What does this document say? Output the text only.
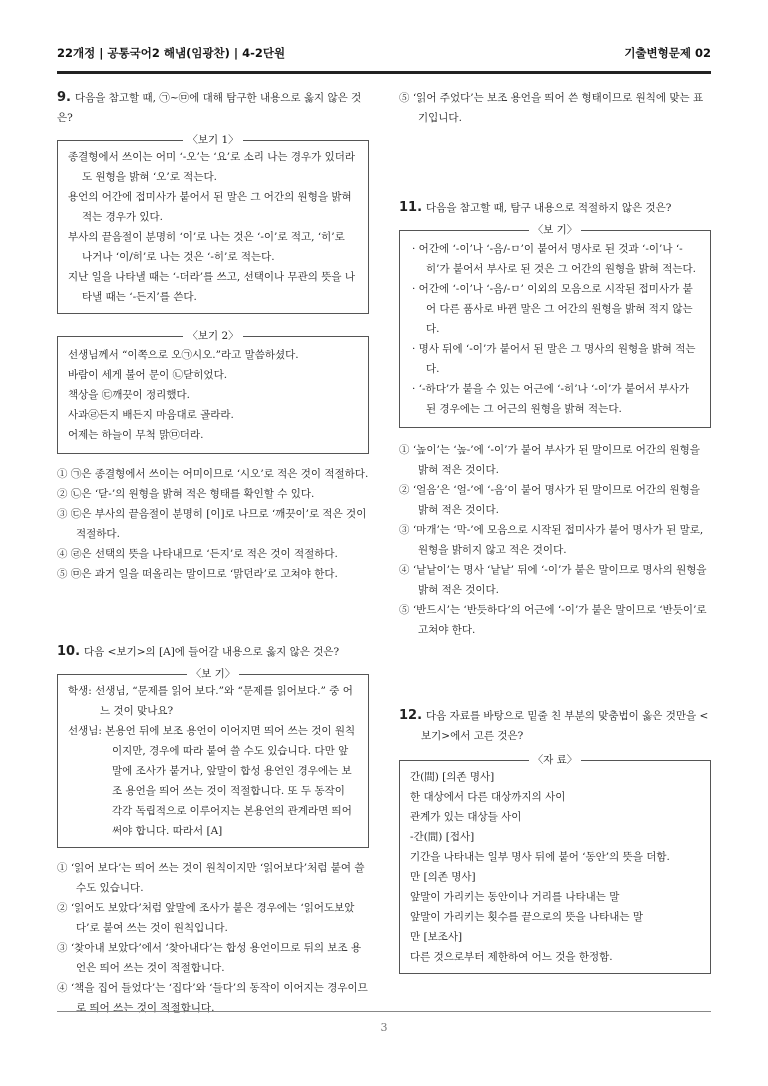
22개정 | 공통국어2 해냄(임광찬) | 4-2단원	기출변형문제 02

9. 다음을 참고할 때, ㉠~㉤에 대해 탐구한 내용으로 옳지 않은 것은?

〈보기 1〉

종결형에서 쓰이는 어미 ‘-오’는 ‘요’로 소리 나는 경우가 있더라도 원형을 밝혀 ‘오’로 적는다.

용언의 어간에 접미사가 붙어서 된 말은 그 어간의 원형을 밝혀 적는 경우가 있다.

부사의 끝음절이 분명히 ‘이’로 나는 것은 ‘-이’로 적고, ‘히’로 나거나 ‘이/히’로 나는 것은 ‘-히’로 적는다.

지난 일을 나타낼 때는 ‘-더라’를 쓰고, 선택이나 무관의 뜻을 나타낼 때는 ‘-든지’를 쓴다.

〈보기 2〉

선생님께서 “이쪽으로 오㉠시오.”라고 말씀하셨다.

바람이 세게 불어 문이 ㉡닫히었다.

책상을 ㉢깨끗이 정리했다.

사과㉣든지 배든지 마음대로 골라라.

어제는 하늘이 무척 맑㉤더라.

① ㉠은 종결형에서 쓰이는 어미이므로 ‘시오’로 적은 것이 적절하다.

② ㉡은 ‘닫-’의 원형을 밝혀 적은 형태를 확인할 수 있다.

③ ㉢은 부사의 끝음절이 분명히 [이]로 나므로 ‘깨끗이’로 적은 것이 적절하다.

④ ㉣은 선택의 뜻을 나타내므로 ‘든지’로 적은 것이 적절하다.

⑤ ㉤은 과거 일을 떠올리는 말이므로 ‘맑던라’로 고쳐야 한다.

10. 다음 <보기>의 [A]에 들어갈 내용으로 옳지 않은 것은?

〈보 기〉

학생: 선생님, “문제를 읽어 보다.”와 “문제를 읽어보다.” 중 어느 것이 맞나요?

선생님: 본용언 뒤에 보조 용언이 이어지면 띄어 쓰는 것이 원칙이지만, 경우에 따라 붙여 쓸 수도 있습니다. 다만 앞말에 조사가 붙거나, 앞말이 합성 용언인 경우에는 보조 용언을 띄어 쓰는 것이 적절합니다. 또 두 동작이 각각 독립적으로 이루어지는 본용언의 관계라면 띄어 써야 합니다. 따라서 [A]

① ‘읽어 보다’는 띄어 쓰는 것이 원칙이지만 ‘읽어보다’처럼 붙여 쓸 수도 있습니다.

② ‘읽어도 보았다’처럼 앞말에 조사가 붙은 경우에는 ‘읽어도보았다’로 붙여 쓰는 것이 원칙입니다.

③ ‘찾아내 보았다’에서 ‘찾아내다’는 합성 용언이므로 뒤의 보조 용언은 띄어 쓰는 것이 적절합니다.

④ ‘책을 집어 들었다’는 ‘집다’와 ‘들다’의 동작이 이어지는 경우이므로 띄어 쓰는 것이 적절합니다.

⑤ ‘읽어 주었다’는 보조 용언을 띄어 쓴 형태이므로 원칙에 맞는 표기입니다.

11. 다음을 참고할 때, 탐구 내용으로 적절하지 않은 것은?

〈보 기〉

· 어간에 ‘-이’나 ‘-음/-ㅁ’이 붙어서 명사로 된 것과 ‘-이’나 ‘-히’가 붙어서 부사로 된 것은 그 어간의 원형을 밝혀 적는다.

· 어간에 ‘-이’나 ‘-음/-ㅁ’ 이외의 모음으로 시작된 접미사가 붙어 다른 품사로 바뀐 말은 그 어간의 원형을 밝혀 적지 않는다.

· 명사 뒤에 ‘-이’가 붙어서 된 말은 그 명사의 원형을 밝혀 적는다.

· ‘-하다’가 붙을 수 있는 어근에 ‘-히’나 ‘-이’가 붙어서 부사가 된 경우에는 그 어근의 원형을 밝혀 적는다.

① ‘높이’는 ‘높-’에 ‘-이’가 붙어 부사가 된 말이므로 어간의 원형을 밝혀 적은 것이다.

② ‘얼음’은 ‘얼-’에 ‘-음’이 붙어 명사가 된 말이므로 어간의 원형을 밝혀 적은 것이다.

③ ‘마개’는 ‘막-’에 모음으로 시작된 접미사가 붙어 명사가 된 말로, 원형을 밝히지 않고 적은 것이다.

④ ‘낱낱이’는 명사 ‘낱낱’ 뒤에 ‘-이’가 붙은 말이므로 명사의 원형을 밝혀 적은 것이다.

⑤ ‘반드시’는 ‘반듯하다’의 어근에 ‘-이’가 붙은 말이므로 ‘반듯이’로 고쳐야 한다.

12. 다음 자료를 바탕으로 밑줄 친 부분의 맞춤법이 옳은 것만을 <보기>에서 고른 것은?

〈자 료〉

간(間) [의존 명사]

한 대상에서 다른 대상까지의 사이

관계가 있는 대상들 사이

-간(間) [접사]

기간을 나타내는 일부 명사 뒤에 붙어 ‘동안’의 뜻을 더함.

만 [의존 명사]

앞말이 가리키는 동안이나 거리를 나타내는 말

앞말이 가리키는 횟수를 끝으로의 뜻을 나타내는 말

만 [보조사]

다른 것으로부터 제한하여 어느 것을 한정함.

3
